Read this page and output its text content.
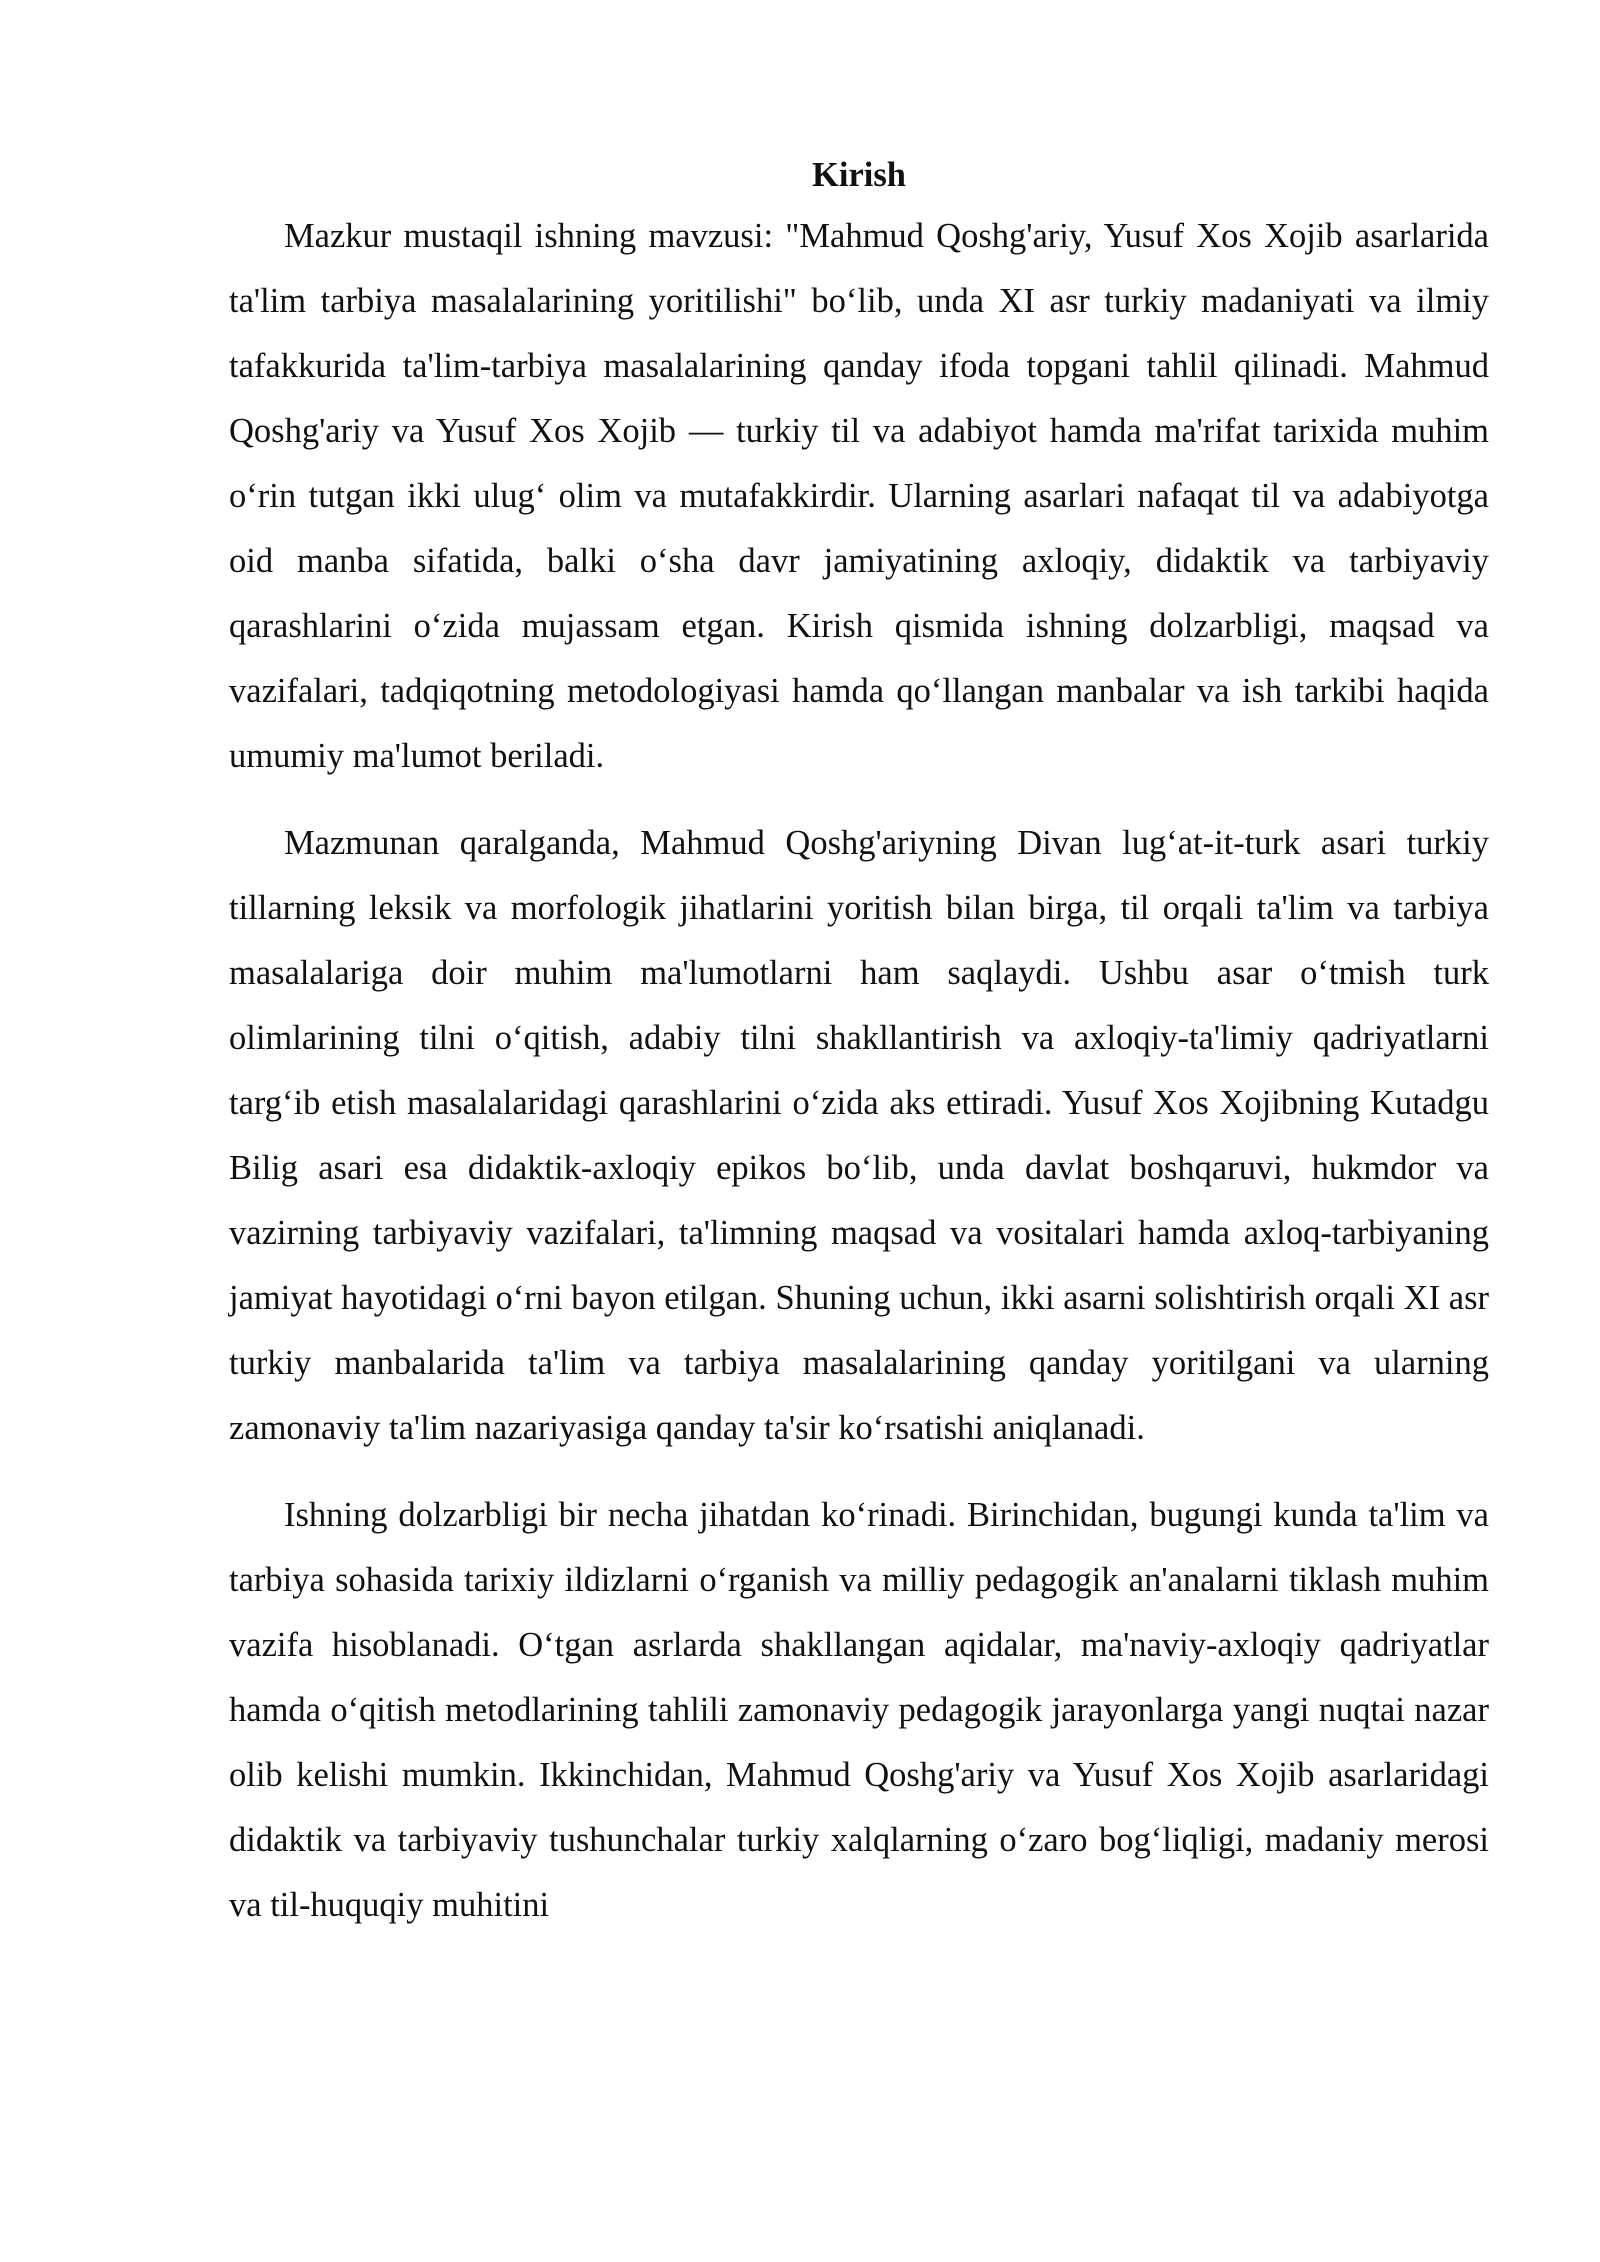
Kirish

Mazkur mustaqil ishning mavzusi: "Mahmud Qoshg'ariy, Yusuf Xos Xojib asarlarida ta'lim tarbiya masalalarining yoritilishi" bo‘lib, unda XI asr turkiy madaniyati va ilmiy tafakkurida ta'lim-tarbiya masalalarining qanday ifoda topgani tahlil qilinadi. Mahmud Qoshg'ariy va Yusuf Xos Xojib — turkiy til va adabiyot hamda ma'rifat tarixida muhim o‘rin tutgan ikki ulug‘ olim va mutafakkirdir. Ularning asarlari nafaqat til va adabiyotga oid manba sifatida, balki o‘sha davr jamiyatining axloqiy, didaktik va tarbiyaviy qarashlarini o‘zida mujassam etgan. Kirish qismida ishning dolzarbligi, maqsad va vazifalari, tadqiqotning metodologiyasi hamda qo‘llangan manbalar va ish tarkibi haqida umumiy ma'lumot beriladi.

Mazmunan qaralganda, Mahmud Qoshg'ariyning Divan lug‘at-it-turk asari turkiy tillarning leksik va morfologik jihatlarini yoritish bilan birga, til orqali ta'lim va tarbiya masalalariga doir muhim ma'lumotlarni ham saqlaydi. Ushbu asar o‘tmish turk olimlarining tilni o‘qitish, adabiy tilni shakllantirish va axloqiy-ta'limiy qadriyatlarni targ‘ib etish masalalaridagi qarashlarini o‘zida aks ettiradi. Yusuf Xos Xojibning Kutadgu Bilig asari esa didaktik-axloqiy epikos bo‘lib, unda davlat boshqaruvi, hukmdor va vazirning tarbiyaviy vazifalari, ta'limning maqsad va vositalari hamda axloq-tarbiyaning jamiyat hayotidagi o‘rni bayon etilgan. Shuning uchun, ikki asarni solishtirish orqali XI asr turkiy manbalarida ta'lim va tarbiya masalalarining qanday yoritilgani va ularning zamonaviy ta'lim nazariyasiga qanday ta'sir ko‘rsatishi aniqlanadi.

Ishning dolzarbligi bir necha jihatdan ko‘rinadi. Birinchidan, bugungi kunda ta'lim va tarbiya sohasida tarixiy ildizlarni o‘rganish va milliy pedagogik an'analarni tiklash muhim vazifa hisoblanadi. O‘tgan asrlarda shakllangan aqidalar, ma'naviy-axloqiy qadriyatlar hamda o‘qitish metodlarining tahlili zamonaviy pedagogik jarayonlarga yangi nuqtai nazar olib kelishi mumkin. Ikkinchidan, Mahmud Qoshg'ariy va Yusuf Xos Xojib asarlaridagi didaktik va tarbiyaviy tushunchalar turkiy xalqlarning o‘zaro bog‘liqligi, madaniy merosi va til-huquqiy muhitini
